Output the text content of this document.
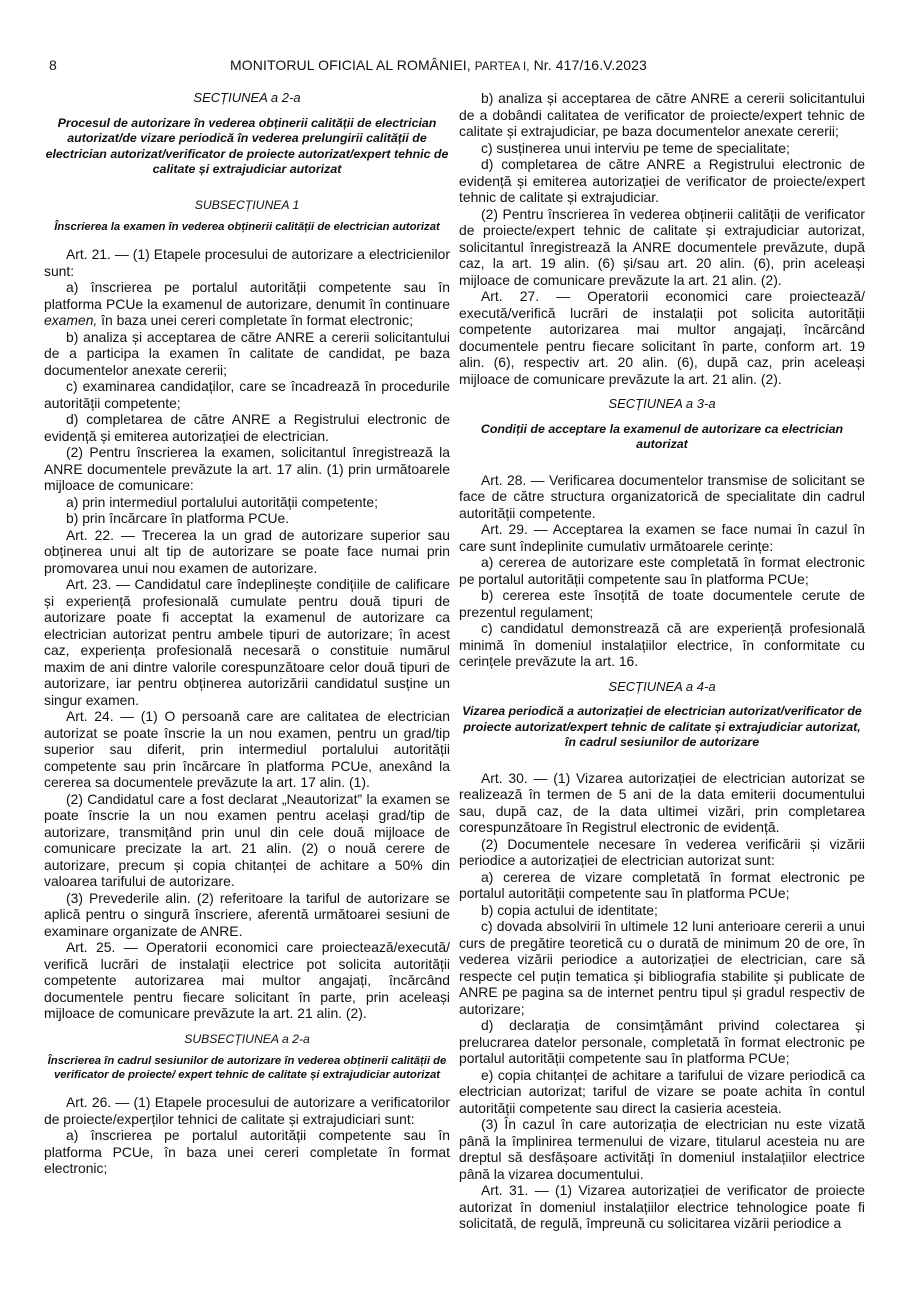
8	MONITORUL OFICIAL AL ROMÂNIEI, PARTEA I, Nr. 417/16.V.2023

SECȚIUNEA a 2-a

Procesul de autorizare în vederea obținerii calității de electrician autorizat/de vizare periodică în vederea prelungirii calității de electrician autorizat/verificator de proiecte autorizat/expert tehnic de calitate și extrajudiciar autorizat

SUBSECȚIUNEA 1

Înscrierea la examen în vederea obținerii calității de electrician autorizat

Art. 21. — (1) Etapele procesului de autorizare a electricienilor sunt:

a) înscrierea pe portalul autorității competente sau în platforma PCUe la examenul de autorizare, denumit în continuare examen, în baza unei cereri completate în format electronic;

b) analiza și acceptarea de către ANRE a cererii solicitantului de a participa la examen în calitate de candidat, pe baza documentelor anexate cererii;

c) examinarea candidaților, care se încadrează în procedurile autorității competente;

d) completarea de către ANRE a Registrului electronic de evidență și emiterea autorizației de electrician.

(2) Pentru înscrierea la examen, solicitantul înregistrează la ANRE documentele prevăzute la art. 17 alin. (1) prin următoarele mijloace de comunicare:

a) prin intermediul portalului autorității competente;

b) prin încărcare în platforma PCUe.

Art. 22. — Trecerea la un grad de autorizare superior sau obținerea unui alt tip de autorizare se poate face numai prin promovarea unui nou examen de autorizare.

Art. 23. — Candidatul care îndeplinește condițiile de calificare și experiență profesională cumulate pentru două tipuri de autorizare poate fi acceptat la examenul de autorizare ca electrician autorizat pentru ambele tipuri de autorizare; în acest caz, experiența profesională necesară o constituie numărul maxim de ani dintre valorile corespunzătoare celor două tipuri de autorizare, iar pentru obținerea autorizării candidatul susține un singur examen.

Art. 24. — (1) O persoană care are calitatea de electrician autorizat se poate înscrie la un nou examen, pentru un grad/tip superior sau diferit, prin intermediul portalului autorității competente sau prin încărcare în platforma PCUe, anexând la cererea sa documentele prevăzute la art. 17 alin. (1).

(2) Candidatul care a fost declarat „Neautorizat” la examen se poate înscrie la un nou examen pentru același grad/tip de autorizare, transmițând prin unul din cele două mijloace de comunicare precizate la art. 21 alin. (2) o nouă cerere de autorizare, precum și copia chitanței de achitare a 50% din valoarea tarifului de autorizare.

(3) Prevederile alin. (2) referitoare la tariful de autorizare se aplică pentru o singură înscriere, aferentă următoarei sesiuni de examinare organizate de ANRE.

Art. 25. — Operatorii economici care proiectează/execută/ verifică lucrări de instalații electrice pot solicita autorității competente autorizarea mai multor angajați, încărcând documentele pentru fiecare solicitant în parte, prin aceleași mijloace de comunicare prevăzute la art. 21 alin. (2).

SUBSECȚIUNEA a 2-a

Înscrierea în cadrul sesiunilor de autorizare în vederea obținerii calității de verificator de proiecte/ expert tehnic de calitate și extrajudiciar autorizat

Art. 26. — (1) Etapele procesului de autorizare a verificatorilor de proiecte/experților tehnici de calitate și extrajudiciari sunt:

a) înscrierea pe portalul autorității competente sau în platforma PCUe, în baza unei cereri completate în format electronic;

b) analiza și acceptarea de către ANRE a cererii solicitantului de a dobândi calitatea de verificator de proiecte/expert tehnic de calitate și extrajudiciar, pe baza documentelor anexate cererii;

c) susținerea unui interviu pe teme de specialitate;

d) completarea de către ANRE a Registrului electronic de evidență și emiterea autorizației de verificator de proiecte/expert tehnic de calitate și extrajudiciar.

(2) Pentru înscrierea în vederea obținerii calității de verificator de proiecte/expert tehnic de calitate și extrajudiciar autorizat, solicitantul înregistrează la ANRE documentele prevăzute, după caz, la art. 19 alin. (6) și/sau art. 20 alin. (6), prin aceleași mijloace de comunicare prevăzute la art. 21 alin. (2).

Art. 27. — Operatorii economici care proiectează/ execută/verifică lucrări de instalații pot solicita autorității competente autorizarea mai multor angajați, încărcând documentele pentru fiecare solicitant în parte, conform art. 19 alin. (6), respectiv art. 20 alin. (6), după caz, prin aceleași mijloace de comunicare prevăzute la art. 21 alin. (2).

SECȚIUNEA a 3-a

Condiții de acceptare la examenul de autorizare ca electrician autorizat

Art. 28. — Verificarea documentelor transmise de solicitant se face de către structura organizatorică de specialitate din cadrul autorității competente.

Art. 29. — Acceptarea la examen se face numai în cazul în care sunt îndeplinite cumulativ următoarele cerințe:

a) cererea de autorizare este completată în format electronic pe portalul autorității competente sau în platforma PCUe;

b) cererea este însoțită de toate documentele cerute de prezentul regulament;

c) candidatul demonstrează că are experiență profesională minimă în domeniul instalațiilor electrice, în conformitate cu cerințele prevăzute la art. 16.

SECȚIUNEA a 4-a

Vizarea periodică a autorizației de electrician autorizat/verificator de proiecte autorizat/expert tehnic de calitate și extrajudiciar autorizat, în cadrul sesiunilor de autorizare

Art. 30. — (1) Vizarea autorizației de electrician autorizat se realizează în termen de 5 ani de la data emiterii documentului sau, după caz, de la data ultimei vizări, prin completarea corespunzătoare în Registrul electronic de evidență.

(2) Documentele necesare în vederea verificării și vizării periodice a autorizației de electrician autorizat sunt:

a) cererea de vizare completată în format electronic pe portalul autorității competente sau în platforma PCUe;

b) copia actului de identitate;

c) dovada absolvirii în ultimele 12 luni anterioare cererii a unui curs de pregătire teoretică cu o durată de minimum 20 de ore, în vederea vizării periodice a autorizației de electrician, care să respecte cel puțin tematica și bibliografia stabilite și publicate de ANRE pe pagina sa de internet pentru tipul și gradul respectiv de autorizare;

d) declarația de consimțământ privind colectarea și prelucrarea datelor personale, completată în format electronic pe portalul autorității competente sau în platforma PCUe;

e) copia chitanței de achitare a tarifului de vizare periodică ca electrician autorizat; tariful de vizare se poate achita în contul autorității competente sau direct la casieria acesteia.

(3) În cazul în care autorizația de electrician nu este vizată până la împlinirea termenului de vizare, titularul acesteia nu are dreptul să desfășoare activități în domeniul instalațiilor electrice până la vizarea documentului.

Art. 31. — (1) Vizarea autorizației de verificator de proiecte autorizat în domeniul instalațiilor electrice tehnologice poate fi solicitată, de regulă, împreună cu solicitarea vizării periodice a
